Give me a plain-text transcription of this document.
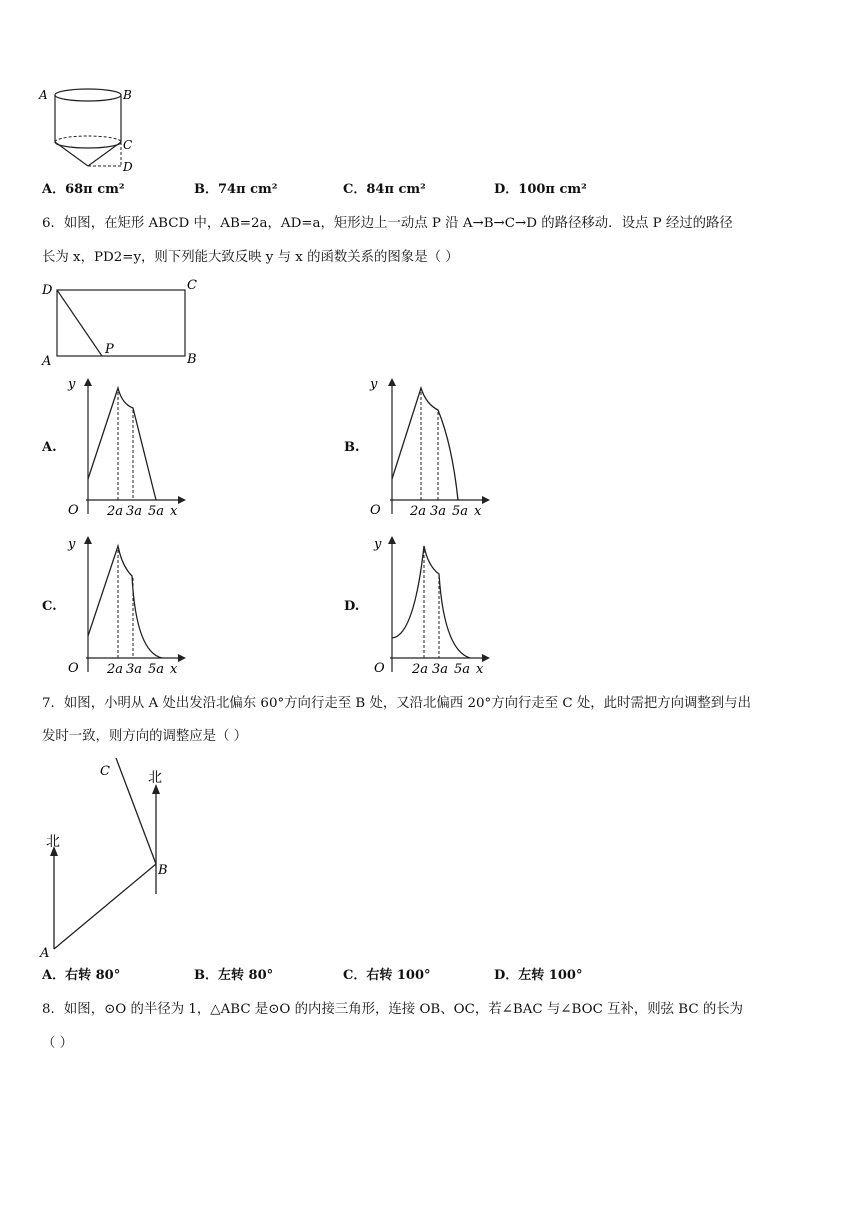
A	B
C
D
A．68π cm²	B．74π cm²	C．84π cm²	D．100π cm²
6．如图，在矩形 ABCD 中，AB=2a，AD=a，矩形边上一动点 P 沿 A→B→C→D 的路径移动．设点 P 经过的路径
长为 x，PD2=y，则下列能大致反映 y 与 x 的函数关系的图象是（ ）
D	C
A	B
P
A.	B.
C.	D.
y
O 2a 3a 5a x
y
O 2a 3a 5a x
y
O 2a 3a 5a x
y
O 2a 3a 5a x
7．如图，小明从 A 处出发沿北偏东 60°方向行走至 B 处，又沿北偏西 20°方向行走至 C 处，此时需把方向调整到与出
发时一致，则方向的调整应是（ ）
北
北
A
B
C
A．右转 80°	B．左转 80°	C．右转 100°	D．左转 100°
8．如图，⊙O 的半径为 1，△ABC 是⊙O 的内接三角形，连接 OB、OC，若∠BAC 与∠BOC 互补，则弦 BC 的长为
（ ）
